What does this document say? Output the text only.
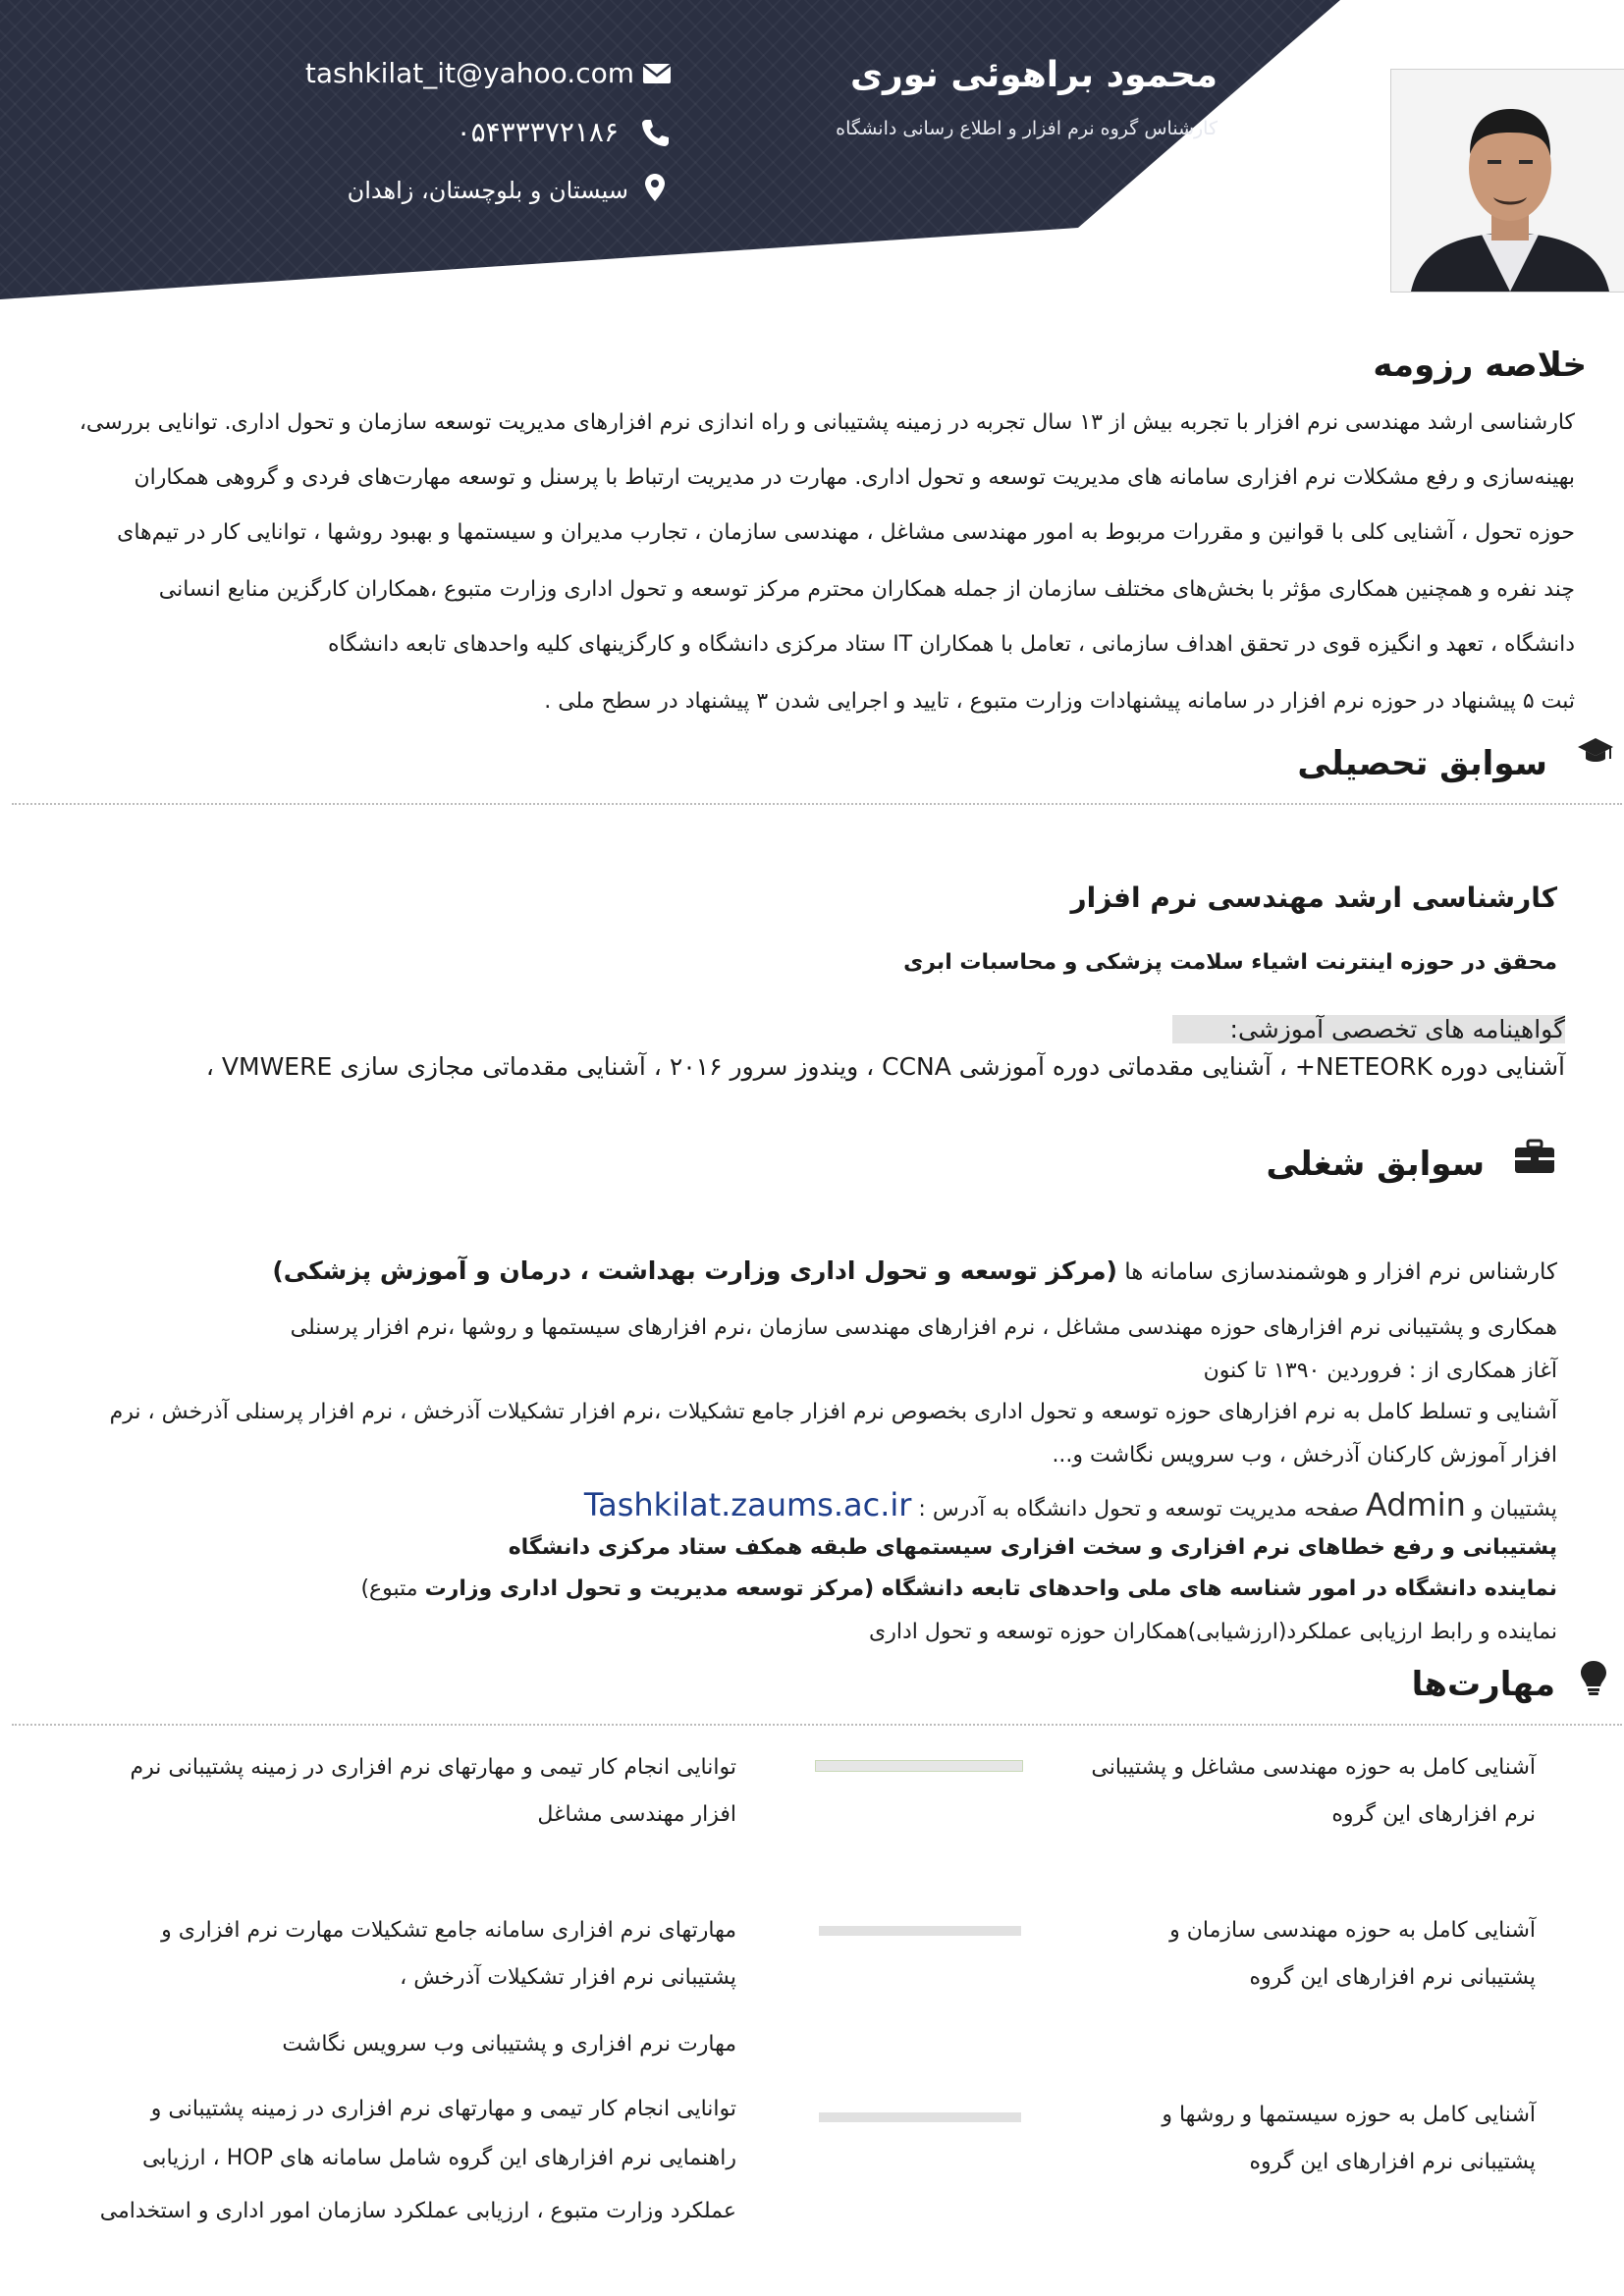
محمود براهوئی نوری
کارشناس گروه نرم افزار و اطلاع رسانی دانشگاه
tashkilat_it@yahoo.com
۰۵۴۳۳۳۷۲۱۸۶
سیستان و بلوچستان، زاهدان
خلاصه رزومه
کارشناسی ارشد مهندسی نرم افزار با تجربه بیش از ۱۳ سال تجربه در زمینه پشتیبانی و راه اندازی نرم افزارهای مدیریت توسعه سازمان و تحول اداری. توانایی بررسی،
بهینه‌سازی و رفع مشکلات نرم افزاری سامانه های مدیریت توسعه و تحول اداری. مهارت در مدیریت ارتباط با پرسنل و توسعه مهارت‌های فردی و گروهی همکاران
حوزه تحول ، آشنایی کلی با قوانین و مقررات مربوط به امور مهندسی مشاغل ، مهندسی سازمان ، تجارب مدیران و سیستمها و بهبود روشها ، توانایی کار در تیم‌های
چند نفره و همچنین همکاری مؤثر با بخش‌های مختلف سازمان از جمله همکاران محترم مرکز توسعه و تحول اداری وزارت متبوع ،همکاران کارگزین منابع انسانی
دانشگاه ، تعهد و انگیزه قوی در تحقق اهداف سازمانی ، تعامل با همکاران IT ستاد مرکزی دانشگاه و کارگزینهای کلیه واحدهای تابعه دانشگاه
ثبت ۵ پیشنهاد در حوزه نرم افزار در سامانه پیشنهادات وزارت متبوع ، تایید و اجرایی شدن ۳ پیشنهاد در سطح ملی .
سوابق تحصیلی
کارشناسی ارشد مهندسی نرم افزار
محقق در حوزه اینترنت اشیاء سلامت پزشکی و محاسبات ابری
گواهینامه های تخصصی آموزشی:
آشنایی دوره NETEORK+ ، آشنایی مقدماتی دوره آموزشی CCNA ، ویندوز سرور ۲۰۱۶ ، آشنایی مقدماتی مجازی سازی VMWERE ،
سوابق شغلی
کارشناس نرم افزار و هوشمندسازی سامانه ها (مرکز توسعه و تحول اداری وزارت بهداشت ، درمان و آموزش پزشکی)
همکاری و پشتیبانی نرم افزارهای حوزه مهندسی مشاغل ، نرم افزارهای مهندسی سازمان ،نرم افزارهای سیستمها و روشها ،نرم افزار پرسنلی
آغاز همکاری از : فروردین ۱۳۹۰ تا کنون
آشنایی و تسلط کامل به نرم افزارهای حوزه توسعه و تحول اداری بخصوص نرم افزار جامع تشکیلات ،نرم افزار تشکیلات آذرخش ، نرم افزار پرسنلی آذرخش ، نرم
افزار آموزش کارکنان آذرخش ، وب سرویس نگاشت و...
پشتیبان و Admin صفحه مدیریت توسعه و تحول دانشگاه به آدرس : Tashkilat.zaums.ac.ir
پشتیبانی و رفع خطاهای نرم افزاری و سخت افزاری سیستمهای طبقه همکف ستاد مرکزی دانشگاه
نماینده دانشگاه در امور شناسه های ملی واحدهای تابعه دانشگاه (مرکز توسعه مدیریت و تحول اداری وزارت متبوع)
نماینده و رابط ارزیابی عملکرد(ارزشیابی)همکاران حوزه توسعه و تحول اداری
مهارت‌ها
آشنایی کامل به حوزه مهندسی مشاغل و پشتیبانی
نرم افزارهای این گروه
توانایی انجام کار تیمی و مهارتهای نرم افزاری در زمینه پشتیبانی نرم
افزار مهندسی مشاغل
آشنایی کامل به حوزه مهندسی سازمان و
پشتیبانی نرم افزارهای این گروه
مهارتهای نرم افزاری سامانه جامع تشکیلات مهارت نرم افزاری و
پشتیبانی نرم افزار تشکیلات آذرخش ،
مهارت نرم افزاری و پشتیبانی وب سرویس نگاشت
آشنایی کامل به حوزه سیستمها و روشها و
پشتیبانی نرم افزارهای این گروه
توانایی انجام کار تیمی و مهارتهای نرم افزاری در زمینه پشتیبانی و
راهنمایی نرم افزارهای این گروه شامل سامانه های HOP ، ارزیابی
عملکرد وزارت متبوع ، ارزیابی عملکرد سازمان امور اداری و استخدامی
